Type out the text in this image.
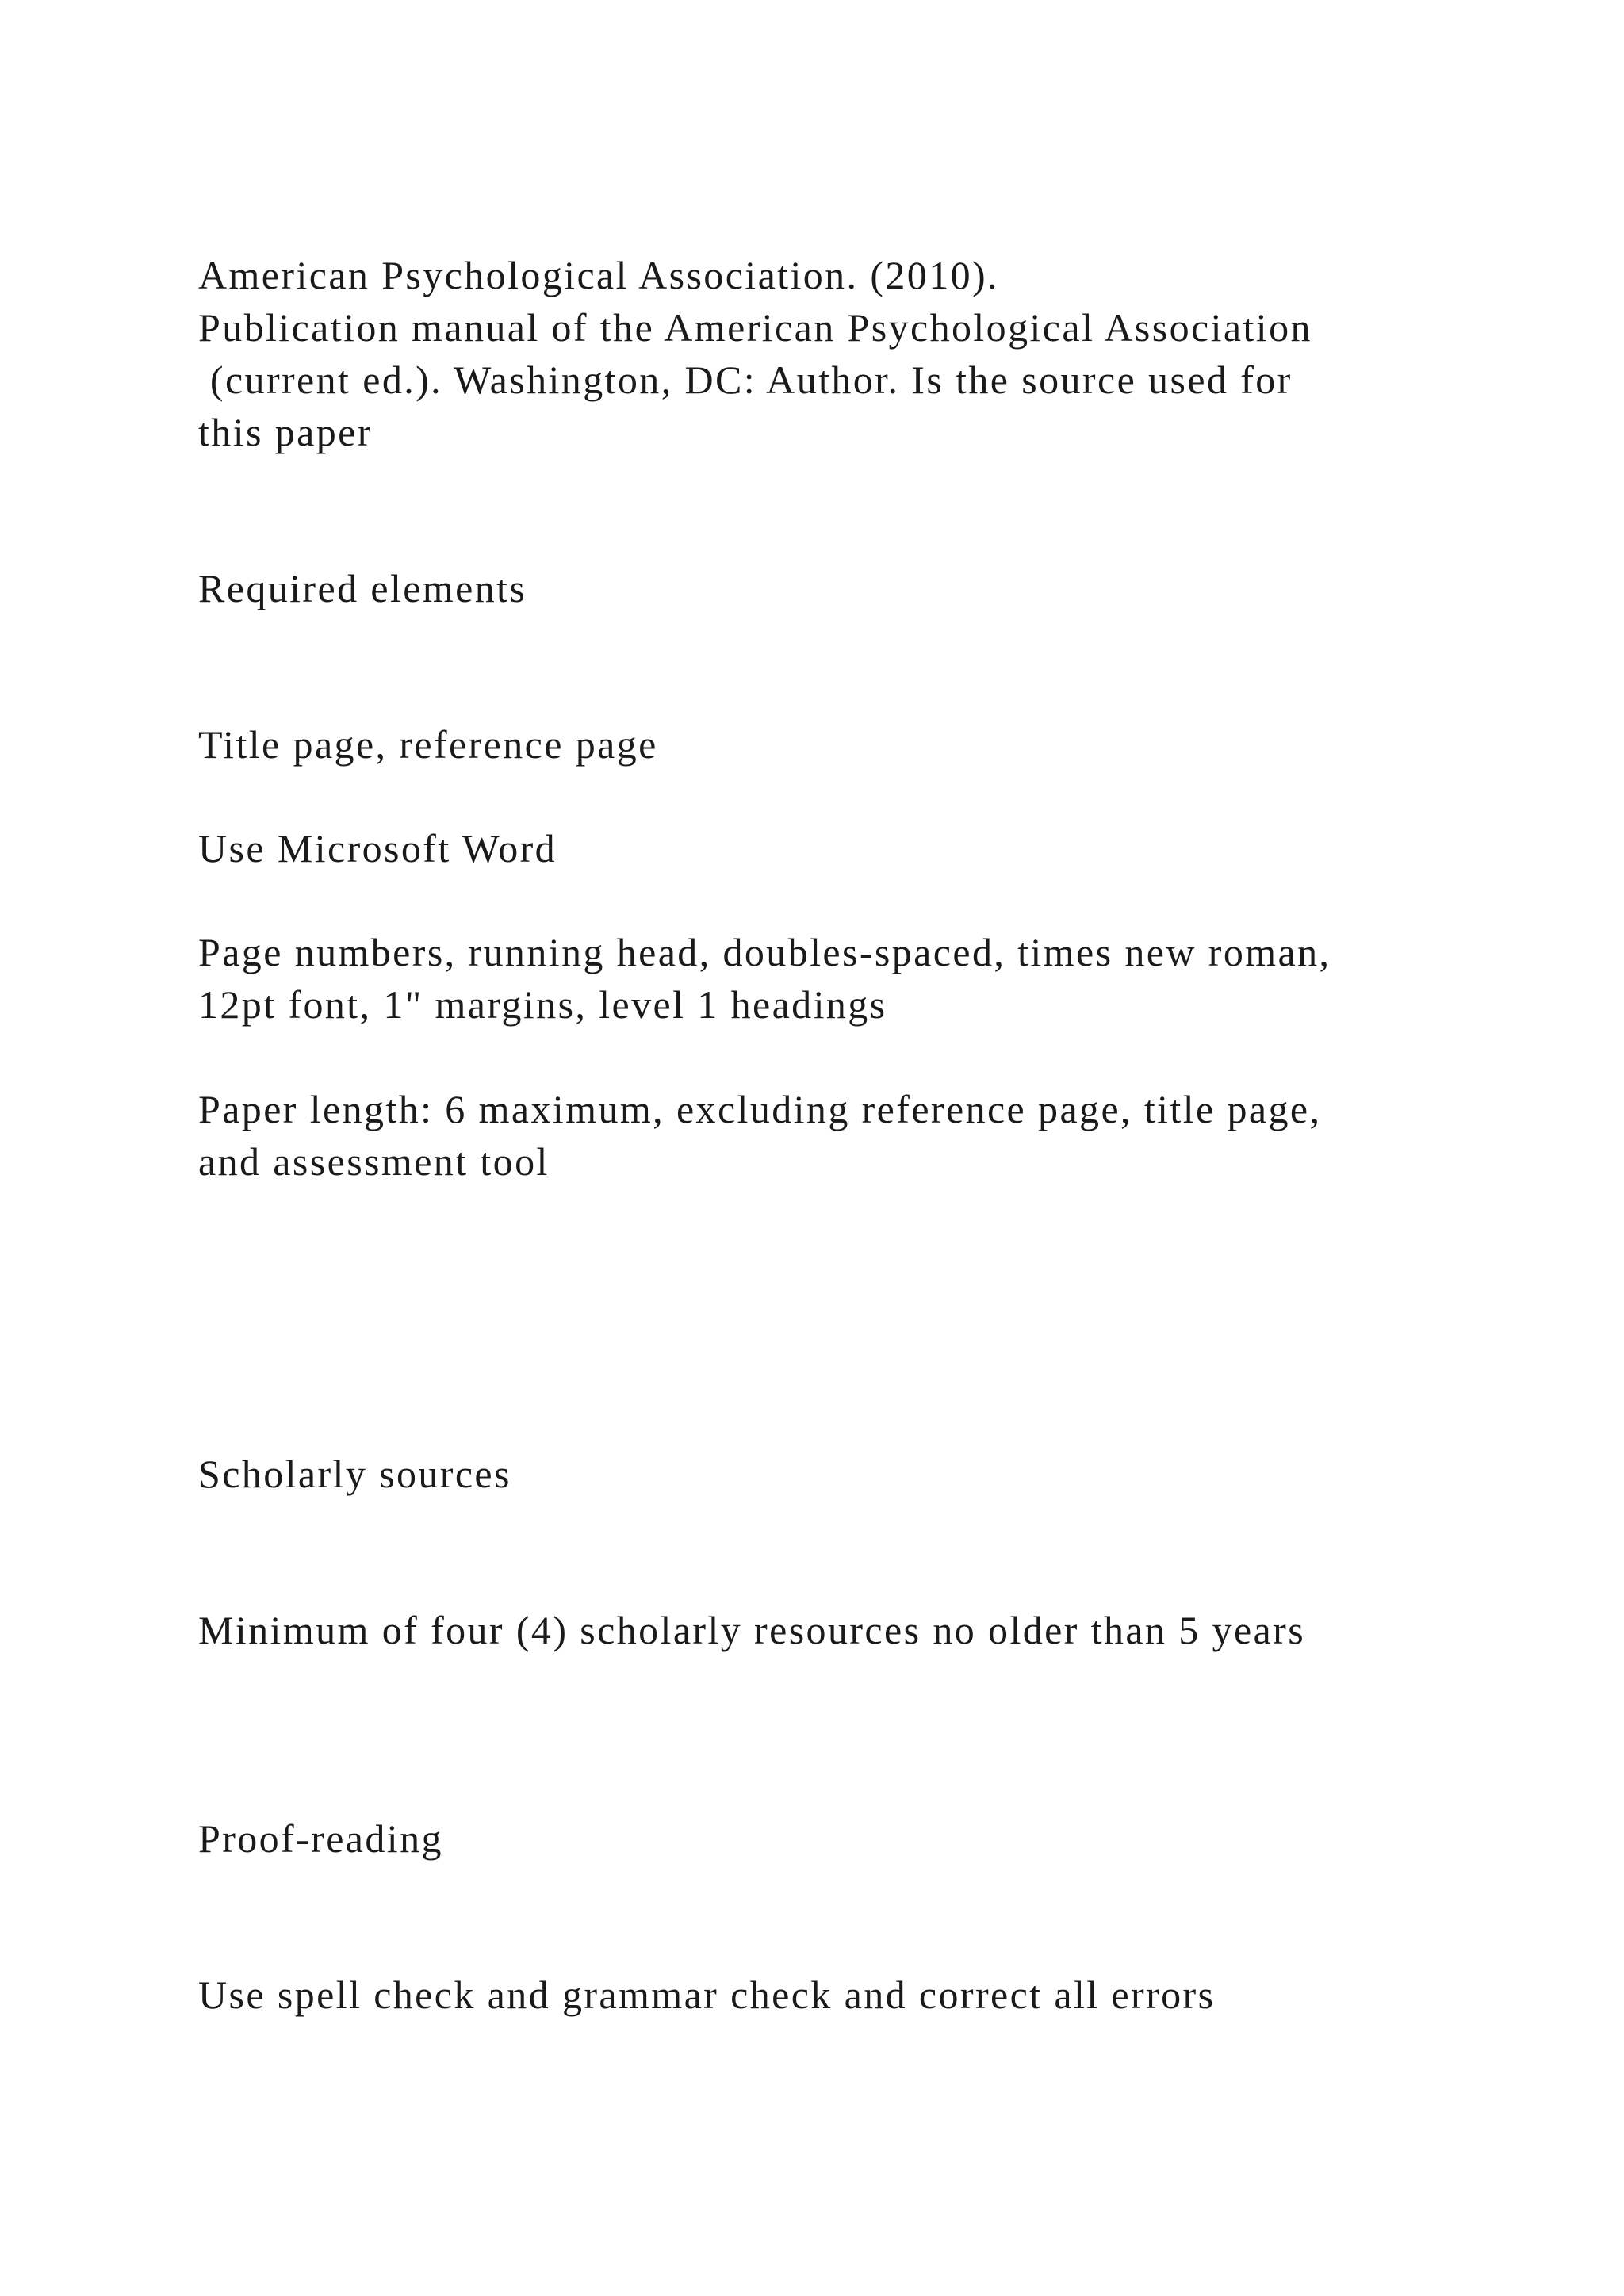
American Psychological Association. (2010).

Publication manual of the American Psychological Association

(current ed.). Washington, DC: Author. Is the source used for

this paper

Required elements

Title page, reference page

Use Microsoft Word

Page numbers, running head, doubles-spaced, times new roman,

12pt font, 1" margins, level 1 headings

Paper length: 6 maximum, excluding reference page, title page,

and assessment tool

Scholarly sources

Minimum of four (4) scholarly resources no older than 5 years

Proof-reading

Use spell check and grammar check and correct all errors
